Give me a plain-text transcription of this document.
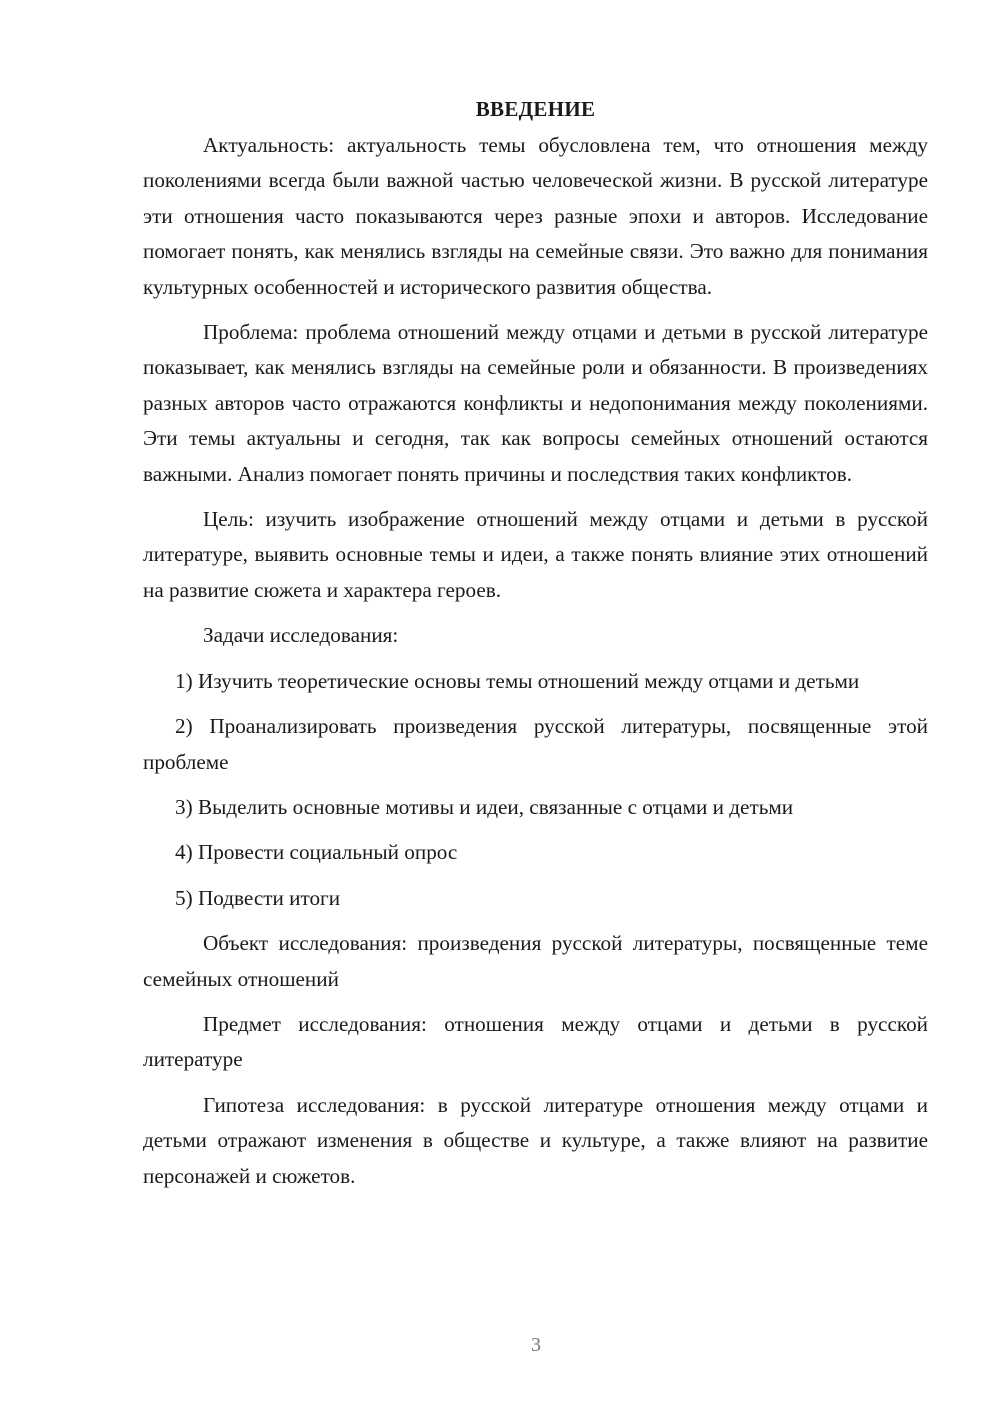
ВВЕДЕНИЕ

Актуальность: актуальность темы обусловлена тем, что отношения между поколениями всегда были важной частью человеческой жизни. В русской литературе эти отношения часто показываются через разные эпохи и авторов. Исследование помогает понять, как менялись взгляды на семейные связи. Это важно для понимания культурных особенностей и исторического развития общества.

Проблема: проблема отношений между отцами и детьми в русской литературе показывает, как менялись взгляды на семейные роли и обязанности. В произведениях разных авторов часто отражаются конфликты и недопонимания между поколениями. Эти темы актуальны и сегодня, так как вопросы семейных отношений остаются важными. Анализ помогает понять причины и последствия таких конфликтов.

Цель: изучить изображение отношений между отцами и детьми в русской литературе, выявить основные темы и идеи, а также понять влияние этих отношений на развитие сюжета и характера героев.

Задачи исследования:

1) Изучить теоретические основы темы отношений между отцами и детьми

2) Проанализировать произведения русской литературы, посвященные этой проблеме

3) Выделить основные мотивы и идеи, связанные с отцами и детьми

4) Провести социальный опрос

5) Подвести итоги

Объект исследования: произведения русской литературы, посвященные теме семейных отношений

Предмет исследования: отношения между отцами и детьми в русской литературе

Гипотеза исследования: в русской литературе отношения между отцами и детьми отражают изменения в обществе и культуре, а также влияют на развитие персонажей и сюжетов.

3
